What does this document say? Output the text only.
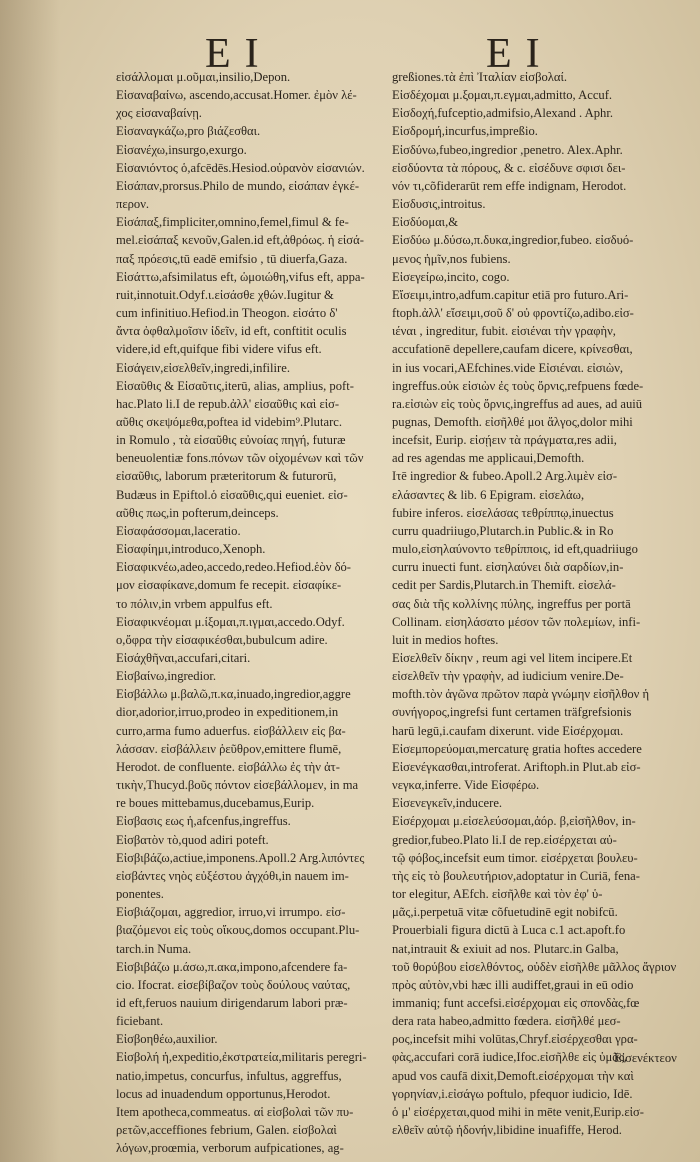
EI	EI
εἰσάλλομαι μ.οῦμαι,insilio,Depon.
Εἰσαναβαίνω, ascendo,accusat.Homer. ἐμὸν λέ-
χος εἰσαναβαίνῃ.
Εἰσαναγκάζω,pro βιάζεσθαι.
Εἰσανέχω,insurgo,exurgo.
Εἰσανιόντος ὁ,afcēdēs.Hesiod.οὐρανὸν εἰσανιών.
Εἰσάπαν,prorsus.Philo de mundo, εἰσάπαν ἐγκέ-
περον.
Εἰσάπαξ,fimpliciter,omnino,femel,fimul & fe-
mel.εἰσάπαξ κενοῦν,Galen.id eft,ἀθρόως. ἡ εἰσά-
παξ πρόεσις,tū eadē emifsio , tū diuerfa,Gaza.
Εἰσάττω,afsimilatus eft, ὡμοιώθη,vifus eft, appa-
ruit,innotuit.Odyf.ι.εἰσάσθε χθών.Iugitur &
cum infinitiuo.Hefiod.in Theogon. εἰσάτο δ'
ἄντα ὀφθαλμοῖσιν ἰδεῖν, id eft, conftitit oculis
videre,id eft,quifque fibi videre vifus eft.
Εἰσάγειν,εἰσελθεῖν,ingredi,infilire.
Εἰσαῦθις & Εἰσαῦτις,iterū, alias, amplius, poft-
hac.Plato li.I de repub.ἀλλ' εἰσαῦθις καὶ εἰσ-
αῦθις σκεψόμεθα,poftea id videbim⁹.Plutarc.
in Romulo , τὰ εἰσαῦθις εὐνοίας πηγή, futuræ
beneuolentiæ fons.πόνων τῶν οἰχομένων καὶ τῶν
εἰσαῦθις, laborum præteritorum & futurorū,
Budæus in Epiftol.ὁ εἰσαῦθις,qui eueniet. εἰσ-
αῦθις πως,in pofterum,deinceps.
Εἰσαφάσσομαι,laceratio.
Εἰσαφίημι,introduco,Xenoph.
Εἰσαφικνέω,adeo,accedo,redeo.Hefiod.ἑὸν δό-
μον εἰσαφίκανε,domum fe recepit. εἰσαφίκε-
το πόλιν,in vrbem appulfus eft.
Εἰσαφικνέομαι μ.ίξομαι,π.ιγμαι,accedo.Odyf.
ο,ὄφρα τὴν εἰσαφικέσθαι,bubulcum adire.
Εἰσάχθῆναι,accufari,citari.
Εἰσβαίνω,ingredior.
Εἰσβάλλω μ.βαλῶ,π.κα,inuado,ingredior,aggre
dior,adorior,irruo,prodeo in expeditionem,in
curro,arma fumo aduerfus. εἰσβάλλειν εἰς βα-
λάσσαν. εἰσβάλλειν ῥεῦθρον,emittere flumē,
Herodot. de confluente. εἰσβάλλω ἐς τὴν ἀτ-
τικὴν,Thucyd.βοῦς πόντον εἰσεβάλλομεν, in ma
re boues mittebamus,ducebamus,Eurip.
Εἰσβασις εως ἡ,afcenfus,ingreffus.
Εἰσβατὸν τὸ,quod adiri poteft.
Εἰσβιβάζω,actiue,imponens.Apoll.2 Arg.λιπόντες
εἰσβάντες νηὸς εὐξέστου ἀγχόθι,in nauem im-
ponentes.
Εἰσβιάζομαι, aggredior, irruo,vi irrumpo. εἰσ-
βιαζόμενοι εἰς τοὺς οἴκους,domos occupant.Plu-
tarch.in Numa.
Εἰσβιβάζω μ.άσω,π.ακα,impono,afcendere fa-
cio. Ifocrat. εἰσεβίβαζον τοὺς δούλους ναύτας,
id eft,feruos nauium dirigendarum labori præ-
ficiebant.
Εἰσβοηθέω,auxilior.
Εἰσβολή ἡ,expeditio,ἐκστρατεία,militaris peregri-
natio,impetus, concurfus, infultus, aggreffus,
locus ad inuadendum opportunus,Herodot.
Item apothecа,commeatus. αἱ εἰσβολαὶ τῶν πυ-
ρετῶν,acceffiones febrium, Galen. εἰσβολαὶ
λόγων,proœmia, verborum aufpicationes, ag-
greßiones.τὰ ἐπὶ Ἰταλίαν εἰσβολαί.
Εἰσδέχομαι μ.ξομαι,π.εγμαι,admitto, Accuf.
Εἰσδοχή,fufceptio,admifsio,Alexand . Aphr.
Εἰσδρομή,incurfus,impreßio.
Εἰσδύνω,fubeo,ingredior ,penetro. Alex.Aphr.
εἰσδύοντα τὰ πόρους, & c. εἰσέδυνε σφισι δει-
νόν τι,cõfiderarūt rem effe indignam, Herodot.
Εἰσδυσις,introitus.
Εἰσδύομαι,&
Εἰσδύω μ.δύσω,π.δυκα,ingredior,fubeo. εἰσδυό-
μενος ἡμῖν,nos fubiens.
Εἰσεγείρω,incito, cogo.
Εἴσειμι,intro,adfum.capitur etiā pro futuro.Ari-
ftoph.ἀλλ' εἴσειμι,σοῦ δ' οὐ φροντίζω,adibo.εἰσ-
ιέναι , ingreditur, fubit. εἰσιέναι τὴν γραφὴν,
accufationē depellere,caufam dicere, κρίνεσθαι,
in ius vocari,AEfchines.vide Εἰσιέναι. εἰσιὼν,
ingreffus.οὐκ εἰσιὼν ἐς τοὺς ὄρνις,refpuens fœde-
ra.εἰσιὼν εἰς τοὺς ὄρνις,ingreffus ad aues, ad auiū
pugnas, Demofth. εἰσῆλθέ μοι ἄλγος,dolor mihi
incefsit, Eurip. εἰσῄειν τὰ πράγματα,res adii,
ad res agendas me applicaui,Demofth.
Ιτē ingredior & fubeo.Apoll.2 Arg.λιμὲν εἰσ-
ελάσαντες & lib. 6 Epigram. εἰσελάω,
fubire inferos. εἰσελάσας τεθρίππῳ,inuectus
curru quadriiugo,Plutarch.in Public.& in Ro
mulo,εἰσηλαύνοντο τεθρίπποις, id eft,quadriiugo
curru inuecti funt. εἰσηλαύνει διὰ σαρδίων,in-
cedit per Sardis,Plutarch.in Themift. εἰσελά-
σας διὰ τῆς κολλίνης πύλης, ingreffus per portā
Collinam. εἰσηλάσατο μέσον τῶν πολεμίων, infi-
luit in medios hoftes.
Εἰσελθεῖν δίκην , reum agi vel litem incipere.Et
εἰσελθεῖν τὴν γραφὴν, ad iudicium venire.De-
mofth.τὸν ἀγῶνα πρῶτον παρὰ γνώμην εἰσῆλθον ἡ
συνήγορος,ingrefsi funt certamen träfgrefsionis
harū legū,i.caufam dixerunt. vide Εἰσέρχομαι.
Εἰσεμπορεύομαι,mercaturę gratia hoftes accedere
Εἰσενέγκασθαι,introferat. Ariftoph.in Plut.ab εἰσ-
νεγκα,inferre. Vide Εἰσφέρω.
Εἰσενεγκεῖν,inducere.
Εἰσέρχομαι μ.εἰσελεύσομαι,ἀόρ. β,εἰσῆλθον, in-
gredior,fubeo.Plato li.I de rep.εἰσέρχεται αὐ-
τῷ φόβος,incefsit eum timor. εἰσέρχεται βουλευ-
τὴς εἰς τὸ βουλευτήριον,adoptatur in Curiā, fena-
tor elegitur, AEfch. εἰσῆλθε καὶ τὸν ἐφ' ὑ-
μᾶς,i.perpetuā vitæ cõfuetudinē egit nobifcū.
Prouerbiali figura dictū à Luca c.1 act.apoft.fo
nat,intrauit & exiuit ad nos. Plutarc.in Galba,
τοῦ θορύβου εἰσελθόντος, οὐδὲν εἰσῆλθε μᾶλλος ἄγριον
πρὸς αὐτὸν,vbi hæc illi audiffet,graui in eū odio
immaniq; funt accefsi.εἰσέρχομαι εἰς σπονδὰς,fœ
dera rata habeo,admitto fœdera. εἰσῆλθέ μεσ-
ρος,incefsit mihi volūtas,Chryf.εἰσέρχεσθαι γρα-
φὰς,accufari corā iudice,Ifoc.εἰσῆλθε εἰς ὑμᾶς,
apud vos caufā dixit,Demoft.εἰσέρχομαι τὴν καὶ
γορηνίαν,i.εἰσάγω poftulo, pfequor iudicio, Idē.
ὁ μ' εἰσέρχεται,quod mihi in mēte venit,Eurip.εἰσ-
ελθεῖν αὐτῷ ἡδονήν,libidine inuafiffe, Herod.
Εἰσενέκτεον
